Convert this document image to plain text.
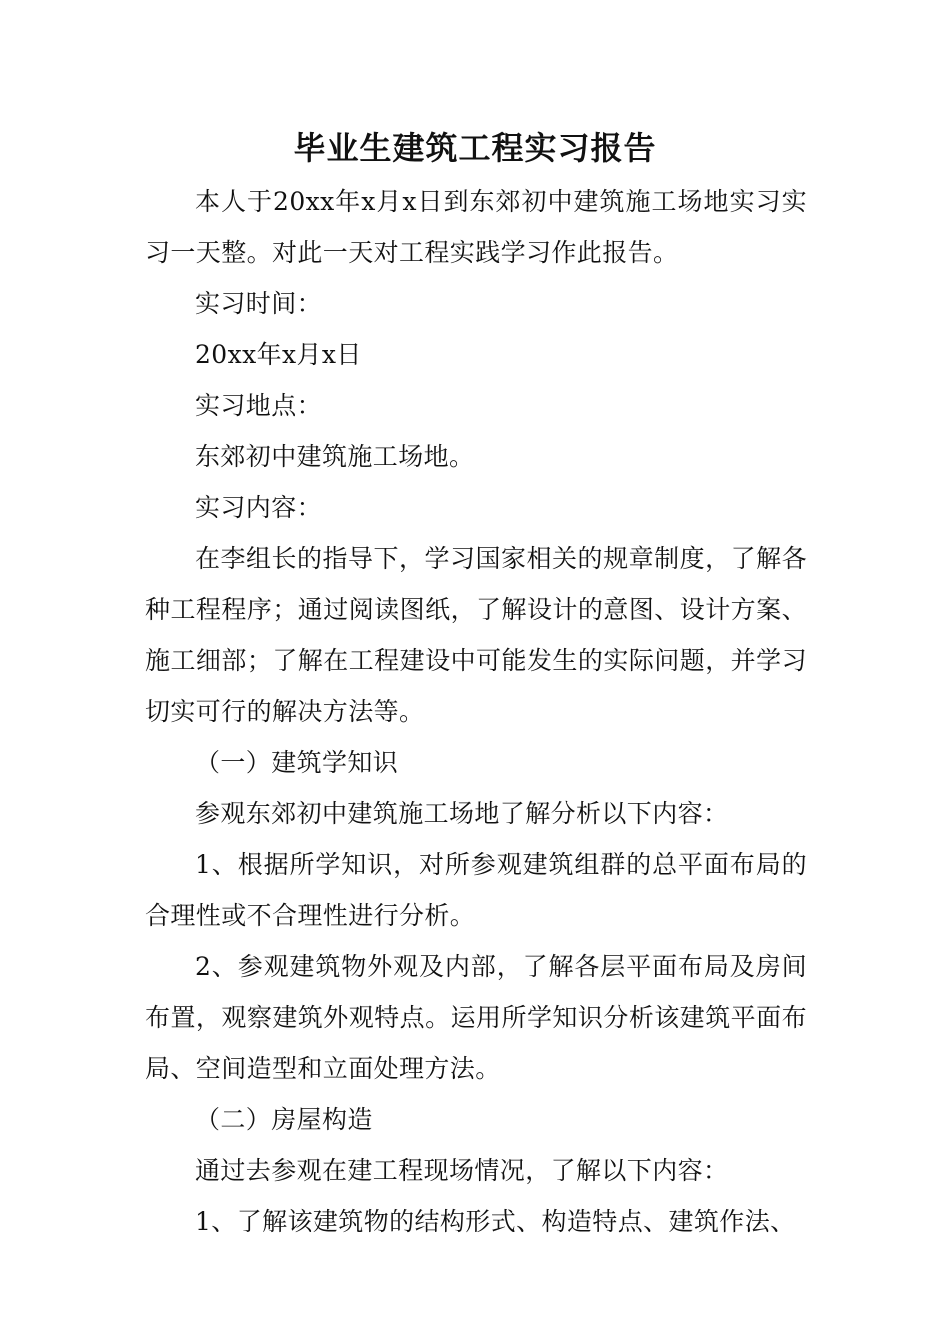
毕业生建筑工程实习报告

本人于20xx年x月x日到东郊初中建筑施工场地实习实习一天整。对此一天对工程实践学习作此报告。

实习时间：

20xx年x月x日

实习地点：

东郊初中建筑施工场地。

实习内容：

在李组长的指导下，学习国家相关的规章制度，了解各种工程程序；通过阅读图纸，了解设计的意图、设计方案、施工细部；了解在工程建设中可能发生的实际问题，并学习切实可行的解决方法等。

（一）建筑学知识

参观东郊初中建筑施工场地了解分析以下内容：

1、根据所学知识，对所参观建筑组群的总平面布局的合理性或不合理性进行分析。

2、参观建筑物外观及内部，了解各层平面布局及房间布置，观察建筑外观特点。运用所学知识分析该建筑平面布局、空间造型和立面处理方法。

（二）房屋构造

通过去参观在建工程现场情况，了解以下内容：

1、了解该建筑物的结构形式、构造特点、建筑作法、
